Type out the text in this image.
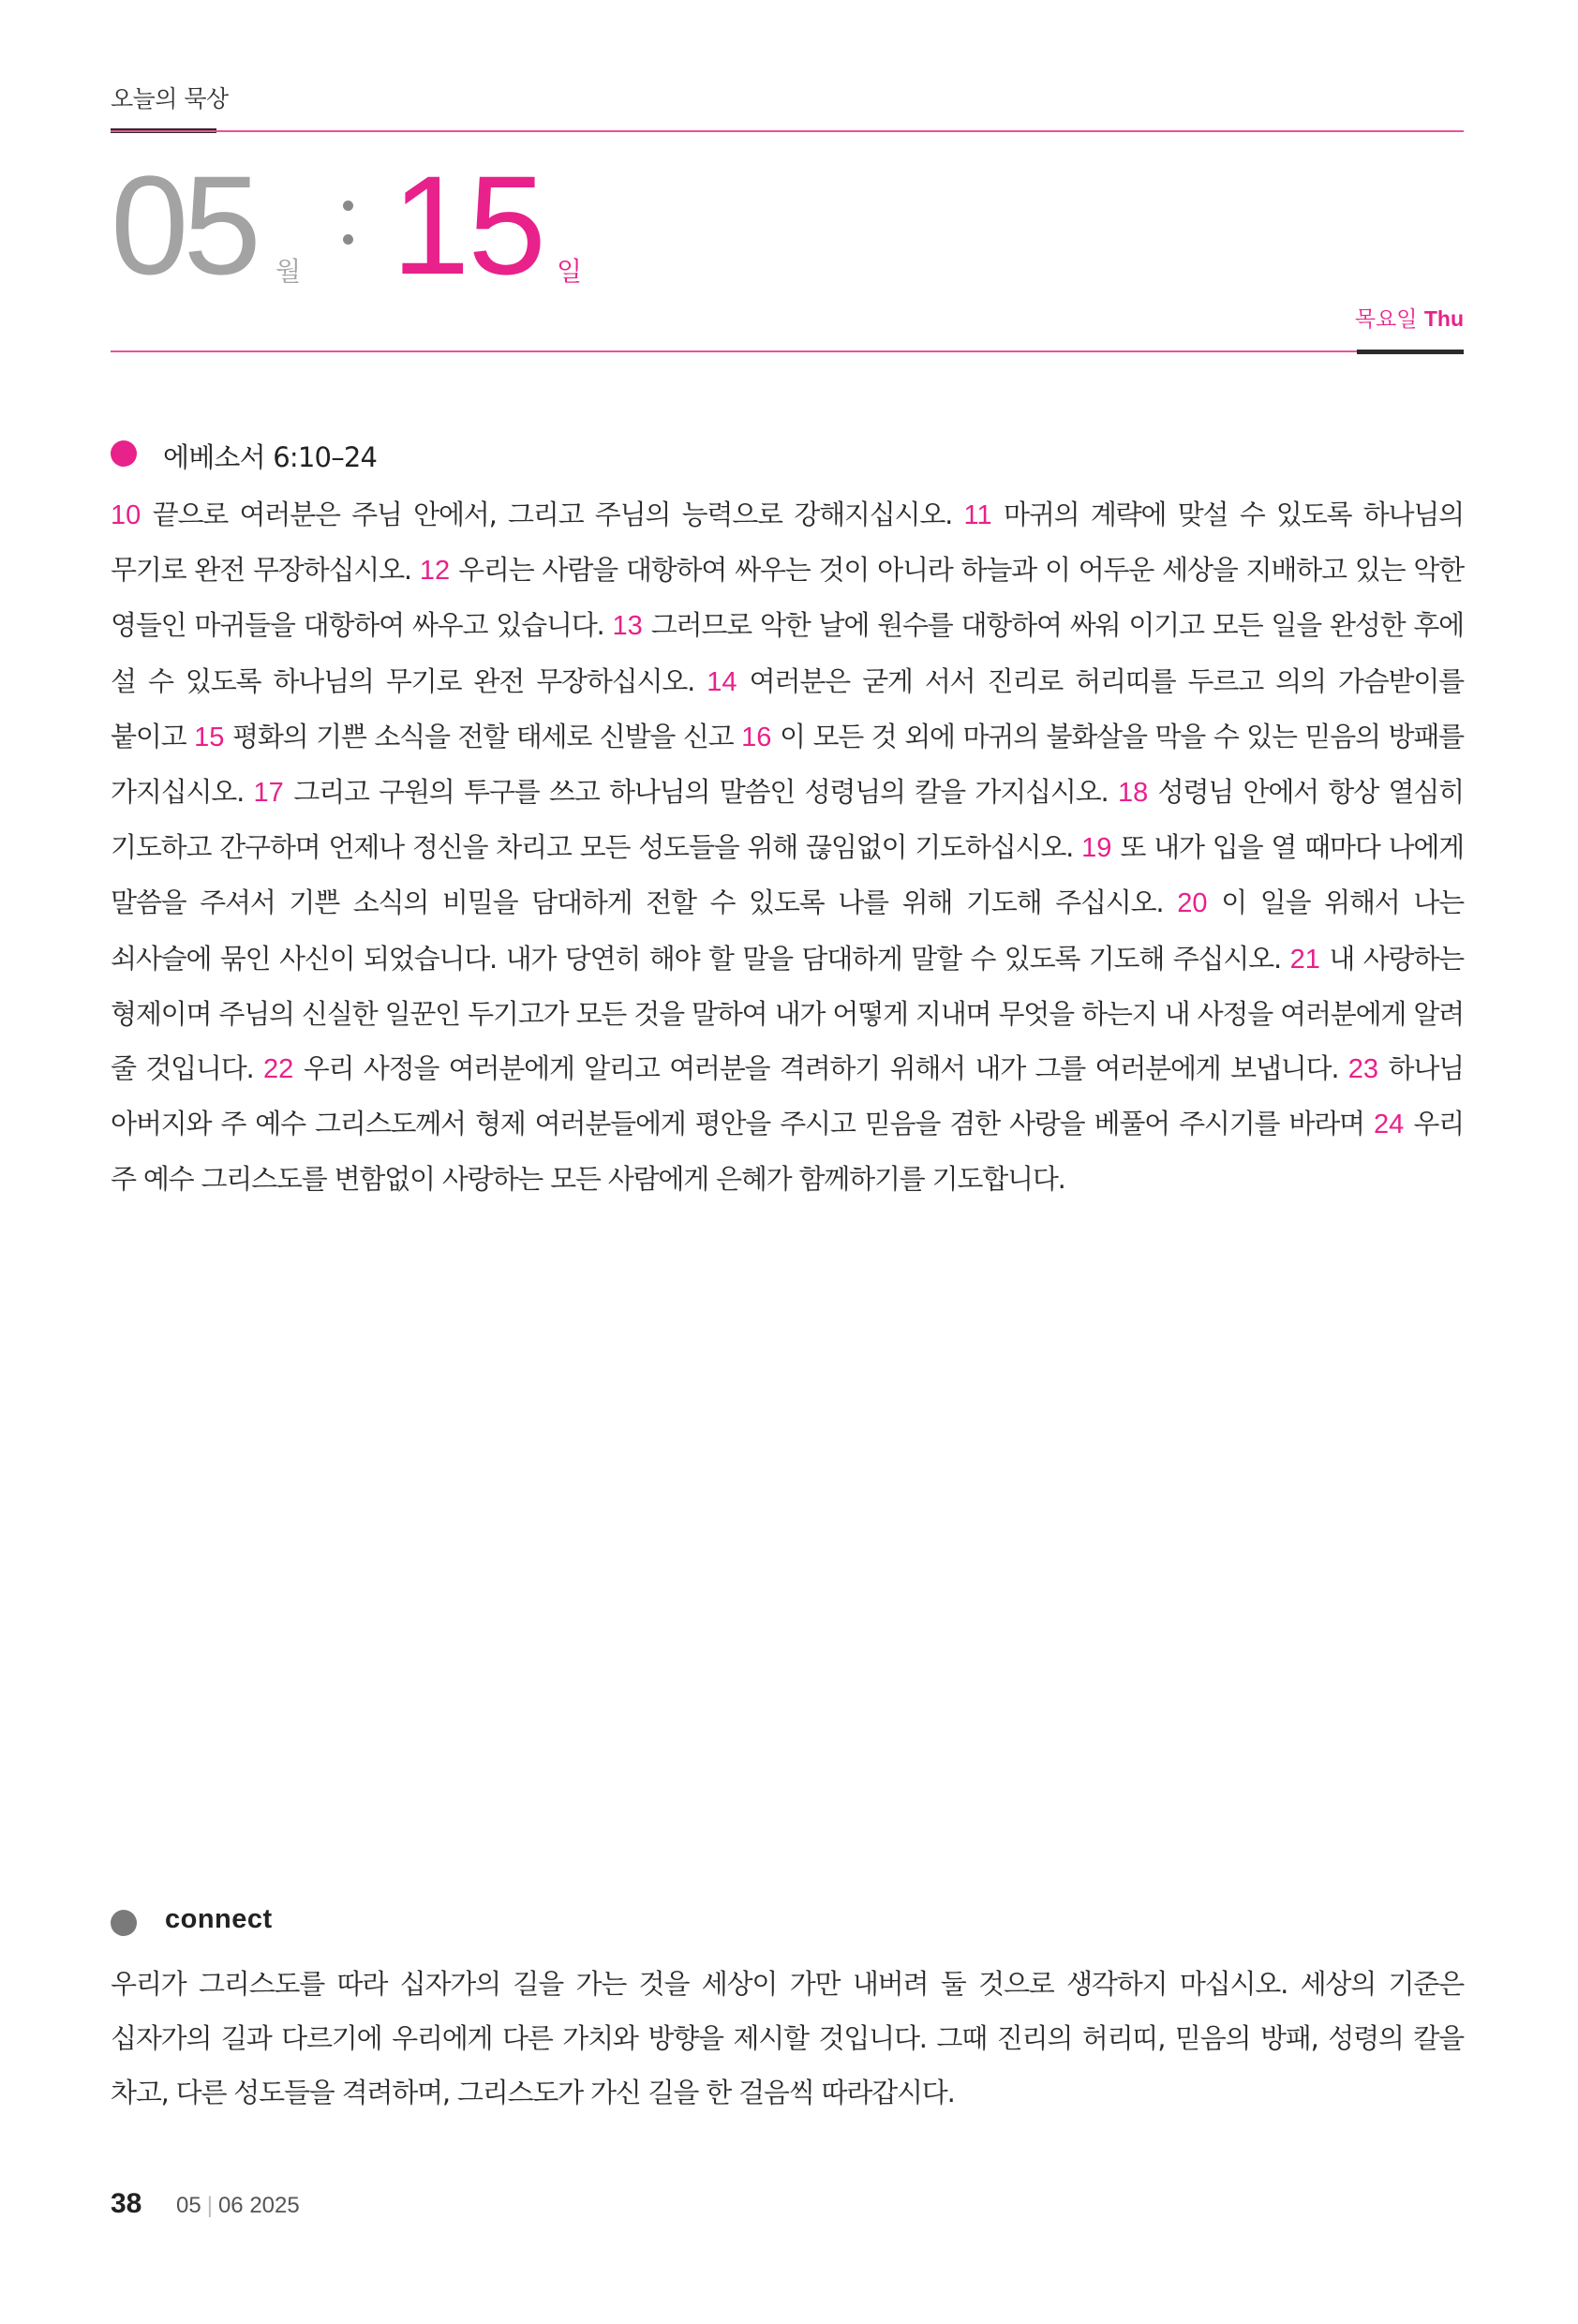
오늘의 묵상
05 월 15 일
목요일 Thu
에베소서 6:10–24
10 끝으로 여러분은 주님 안에서, 그리고 주님의 능력으로 강해지십시오. 11 마귀의 계략에 맞설 수 있도록 하나님의 무기로 완전 무장하십시오. 12 우리는 사람을 대항하여 싸우는 것이 아니라 하늘과 이 어두운 세상을 지배하고 있는 악한 영들인 마귀들을 대항하여 싸우고 있습니다. 13 그러므로 악한 날에 원수를 대항하여 싸워 이기고 모든 일을 완성한 후에 설 수 있도록 하나님의 무기로 완전 무장하십시오. 14 여러분은 굳게 서서 진리로 허리띠를 두르고 의의 가슴받이를 붙이고 15 평화의 기쁜 소식을 전할 태세로 신발을 신고 16 이 모든 것 외에 마귀의 불화살을 막을 수 있는 믿음의 방패를 가지십시오. 17 그리고 구원의 투구를 쓰고 하나님의 말씀인 성령님의 칼을 가지십시오. 18 성령님 안에서 항상 열심히 기도하고 간구하며 언제나 정신을 차리고 모든 성도들을 위해 끊임없이 기도하십시오. 19 또 내가 입을 열 때마다 나에게 말씀을 주셔서 기쁜 소식의 비밀을 담대하게 전할 수 있도록 나를 위해 기도해 주십시오. 20 이 일을 위해서 나는 쇠사슬에 묶인 사신이 되었습니다. 내가 당연히 해야 할 말을 담대하게 말할 수 있도록 기도해 주십시오. 21 내 사랑하는 형제이며 주님의 신실한 일꾼인 두기고가 모든 것을 말하여 내가 어떻게 지내며 무엇을 하는지 내 사정을 여러분에게 알려 줄 것입니다. 22 우리 사정을 여러분에게 알리고 여러분을 격려하기 위해서 내가 그를 여러분에게 보냅니다. 23 하나님 아버지와 주 예수 그리스도께서 형제 여러분들에게 평안을 주시고 믿음을 겸한 사랑을 베풀어 주시기를 바라며 24 우리 주 예수 그리스도를 변함없이 사랑하는 모든 사람에게 은혜가 함께하기를 기도합니다.
connect
우리가 그리스도를 따라 십자가의 길을 가는 것을 세상이 가만 내버려 둘 것으로 생각하지 마십시오. 세상의 기준은 십자가의 길과 다르기에 우리에게 다른 가치와 방향을 제시할 것입니다. 그때 진리의 허리띠, 믿음의 방패, 성령의 칼을 차고, 다른 성도들을 격려하며, 그리스도가 가신 길을 한 걸음씩 따라갑시다.
38 05 | 06 2025
